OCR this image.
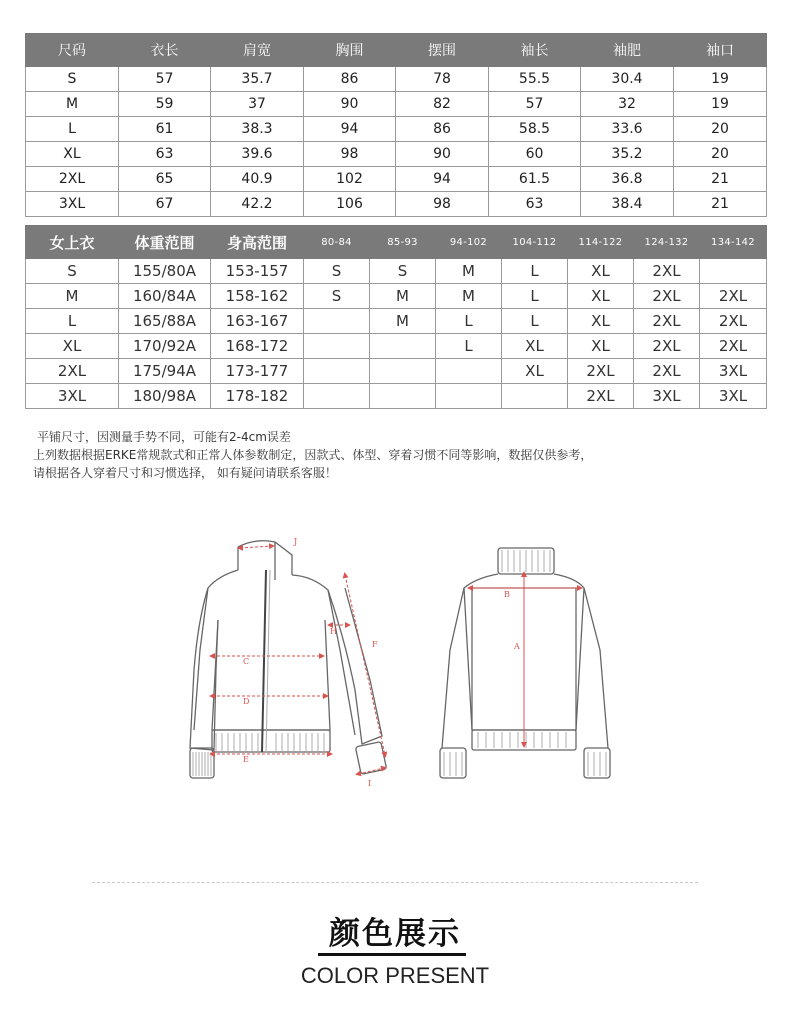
尺码	衣长	肩宽	胸围	摆围	袖长	袖肥	袖口
S	57	35.7	86	78	55.5	30.4	19
M	59	37	90	82	57	32	19
L	61	38.3	94	86	58.5	33.6	20
XL	63	39.6	98	90	60	35.2	20
2XL	65	40.9	102	94	61.5	36.8	21
3XL	67	42.2	106	98	63	38.4	21
女上衣	体重范围	身高范围	80-84	85-93	94-102	104-112	114-122	124-132	134-142
S	155/80A	153-157	S	S	M	L	XL	2XL	
M	160/84A	158-162	S	M	M	L	XL	2XL	2XL
L	165/88A	163-167		M	L	L	XL	2XL	2XL
XL	170/92A	168-172			L	XL	XL	2XL	2XL
2XL	175/94A	173-177				XL	2XL	2XL	3XL
3XL	180/98A	178-182					2XL	3XL	3XL

平铺尺寸，因测量手势不同，可能有2-4cm误差

上列数据根据ERKE常规款式和正常人体参数制定，因款式、体型、穿着习惯不同等影响，数据仅供参考，

请根据各人穿着尺寸和习惯选择， 如有疑问请联系客服！

J
H
F
C
D
E
I
B
A
颜色展示
COLOR PRESENT
